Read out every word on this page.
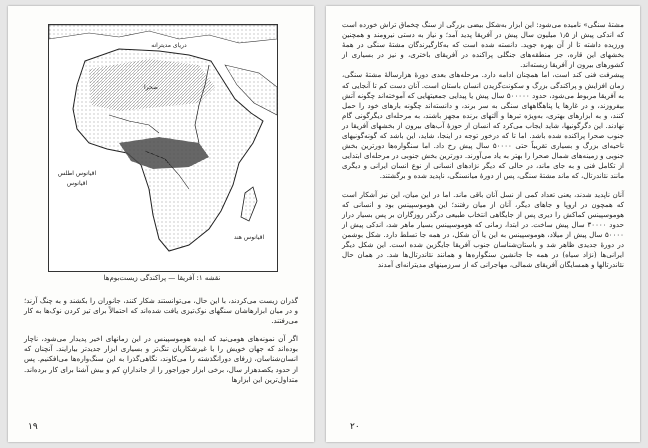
دریای مدیترانه
صحرا
اقیانوس هند
اقیانوس اطلس
اقیانوس
نقشه ۱: آفریقا — پراکندگی زیست‌بوم‌ها

گذران زیست می‌کردند، با این حال، می‌توانستند شکار کنند، جانوران را بکشند و به چنگ آرند؛ و در میان ابزارهاشان سنگهای نوک‌تیزی یافت شده‌اند که احتمالاً برای تیز کردن نوک‌ها به کار می‌رفتند.

اگر آن نمونه‌های هومی‌نید که ایده هومو‌سپینس در این زمانهای اخیر پدیدار می‌شود، ناچار بوده‌اند که جهان خویش را با غیرشکاریان تنگ‌تر و بسیاری ابزار جدیدتر بیارایند. آنچنان که انسان‌شناسان، ژرفای دورانگذشته را می‌کاوند، نگاهی‌گذرا به این سنگ‌واره‌ها می‌افکنیم. پس از حدود یکصدهزار سال، برخی ابزار جوراجور را از جاندارانِ کم و بیش آشنا برای کار برده‌اند. متداول‌ترین این ابزارها

۱۹

مشتهٔ سنگی» نامیده می‌شود: این ابزار به‌شکل بیضی بزرگی از سنگ چخماق تراش خورده است که اندکی پیش از ۱٫۵ میلیون سال پیش در آفریقا پدید آمد؛ و نیاز به دستی نیرومند و همچنین ورزیده داشته تا از آن بهره جوید. دانسته شده است که به‌کارگیرندگان مشتهٔ سنگی در همهٔ بخشهای این قاره، جز منطقه‌های جنگلی پراکنده در آفریقای باختری، و نیز در بسیاری از کشورهای بیرون از آفریقا زیسته‌اند.

پیشرفت فنی کند است، اما همچنان ادامه دارد. مرحله‌های بعدی دورهٔ هزارسالهٔ مشتهٔ سنگی، زمان افزایش و پراکندگی بزرگ و سکونت‌گزیدن انسان باستان است. آنان دست کم تا آنجایی که به آفریقا مربوط می‌شود، حدود ۵۰۰۰۰۰ سال پیش یا پیدایی جمعیتهایی که آموخته‌اند چگونه آتش بیفروزند، و در غارها یا پناهگاههای سنگی به سر برند، و دانسته‌اند چگونه بارهای خود را حمل کنند، و به ابزارهای بهتری، به‌ویژه تبرها و آلتهای برنده مجهز باشند، به مرحله‌ای دیگرگونی گام نهادند. این دگرگونیها، شاید ایجاب می‌کرد که انسان از حوزهٔ آب‌های بیرون از بخشهای آفریقا در جنوب صحرا پراکنده شده باشد. اما تا که درخور توجه در اینجا، شاید، این باشد که گونه‌گونیهای ناحیه‌ای بزرگ و بسیاری تقریباً حتی ۵۰۰۰۰ سال پیش رخ داد. اما سنگواره‌ها دورترین بخش جنوبی و زمینه‌های شمال صحرا را بهتر به یاد می‌آورند. دورترین بخش جنوبی در مرحله‌ای ابتدایی از تکامل فنی و به جای ماند، در حالی که دیگر نژادهای انسانی از نوع انسان ایرانی و دیگری مانند نئاندرتال، که ماند مشتهٔ سنگی، پس از دورهٔ میانسنگی، ناپدید شده و برگشتند.

آنان ناپدید شدند، یعنی تعداد کمی از نسل آنان باقی ماند. اما در این میان، این نیز آشکار است که همچون در اروپا و جاهای دیگر، آنان از میان رفتند؛ این هومو‌سپینس بود و انسانی که هوموسپینس کماکش را دیری پس از جایگاهی انتخاب طبیعی درگذر روزگاران بر پس بسیار دراز حدود ۳۰۰۰۰ سال پیش ساخت. در ابتدا، زمانی که هومو‌سپینس بسیار ماهر شد، اندکی پیش از ۵۰۰۰۰ سال پیش از میلاد، هومو‌سپینس به این یا آن شکل، در همه جا تسلط دارد. شکل بوشمن در دورهٔ جدیدی ظاهر شد و باستان‌شناسان جنوب آفریقا جایگزین شده است. این شکل دیگر ایرانی‌ها (نژاد سیاه) در همه جا جانشین سنگواره‌ها و همانند نئاندرتال‌ها شد. در همان حال نئاندرتالها و همسایگان آفریقای شمالی، مهاجرانی که از سرزمینهای مدیترانه‌ای آمدند

۲۰
